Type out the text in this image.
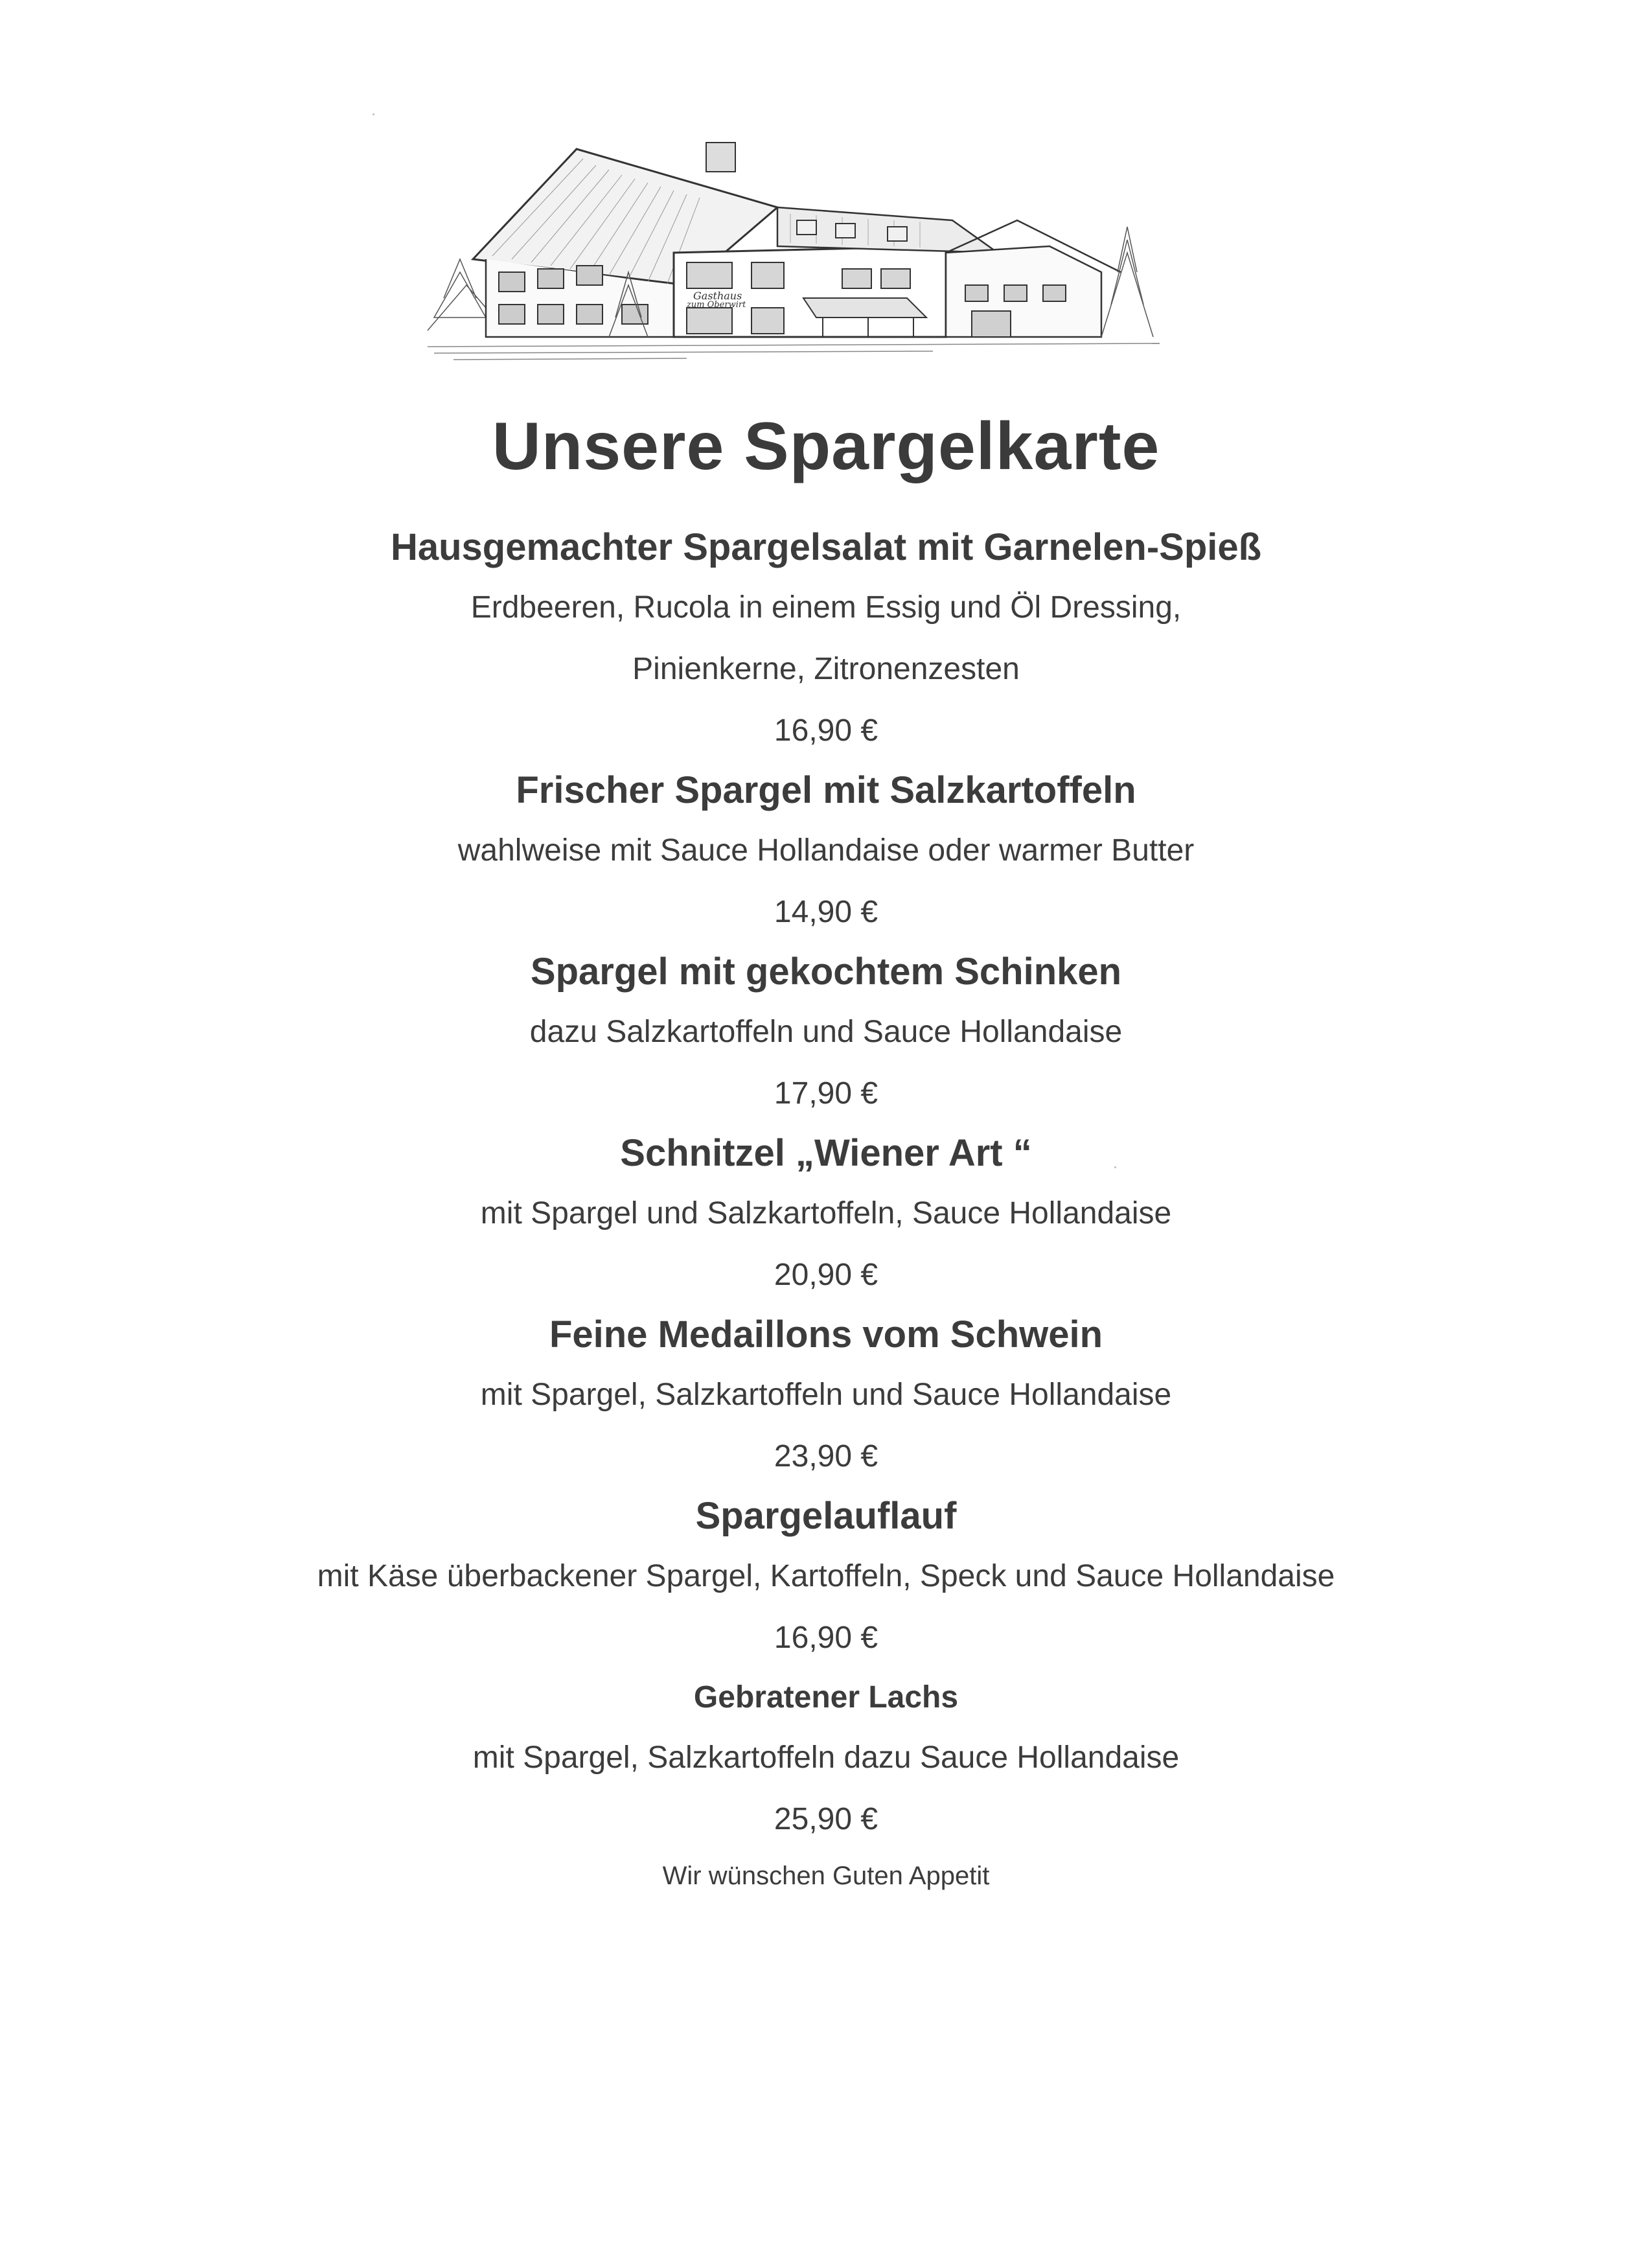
Gasthaus
zum Oberwirt
Unsere Spargelkarte

Hausgemachter Spargelsalat mit Garnelen-Spieß

Erdbeeren, Rucola in einem Essig und Öl Dressing,

Pinienkerne, Zitronenzesten

16,90 €

Frischer Spargel mit Salzkartoffeln

wahlweise mit Sauce Hollandaise oder warmer Butter

14,90 €

Spargel mit gekochtem Schinken

dazu Salzkartoffeln und Sauce Hollandaise

17,90 €

Schnitzel „Wiener Art “

mit Spargel und Salzkartoffeln, Sauce Hollandaise

20,90 €

Feine Medaillons vom Schwein

mit Spargel, Salzkartoffeln und Sauce Hollandaise

23,90 €

Spargelauflauf

mit Käse überbackener Spargel, Kartoffeln, Speck und Sauce Hollandaise

16,90 €

Gebratener Lachs

mit Spargel, Salzkartoffeln dazu Sauce Hollandaise

25,90 €

Wir wünschen Guten Appetit
